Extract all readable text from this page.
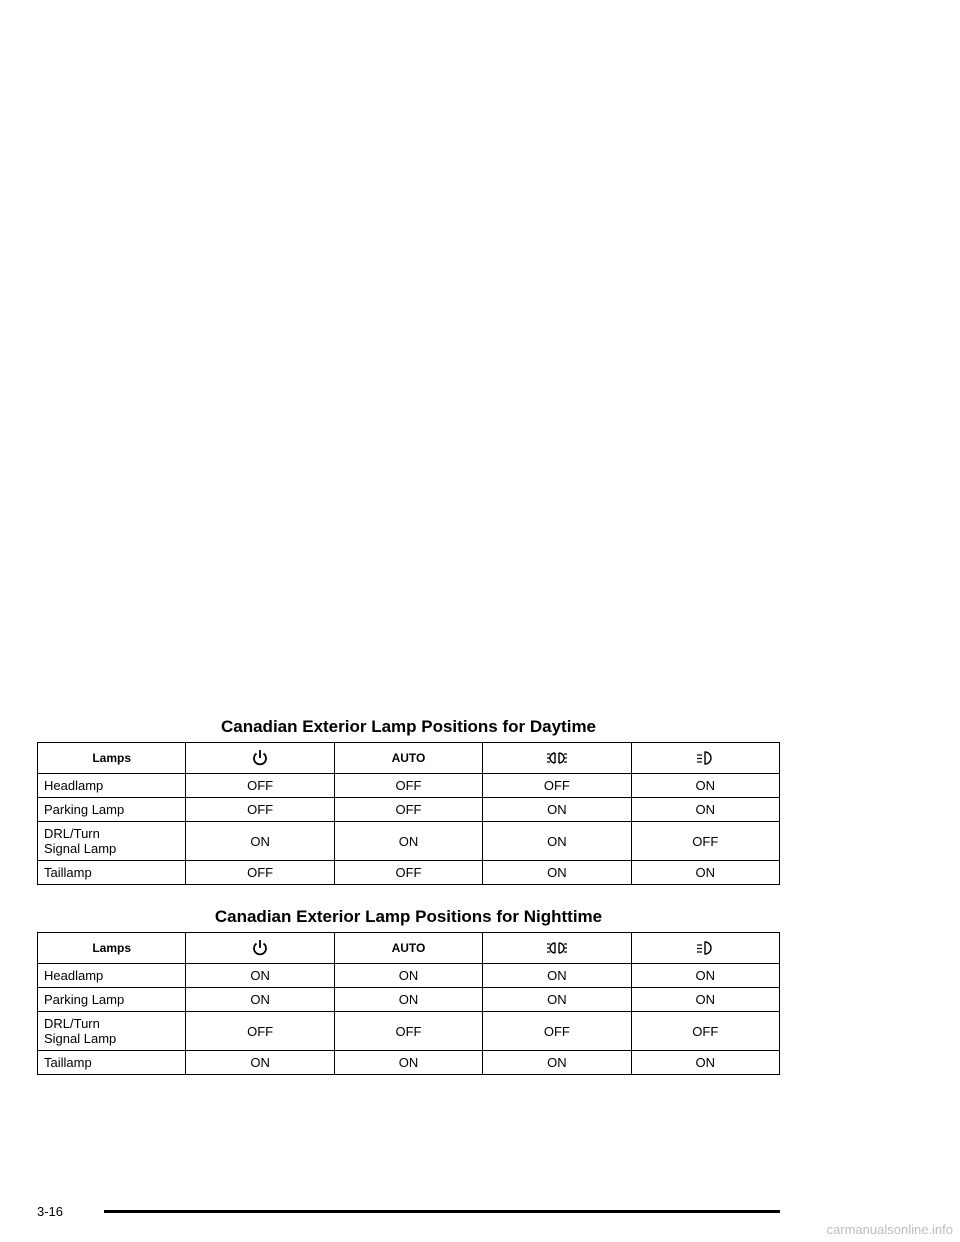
Canadian Exterior Lamp Positions for Daytime
Lamps		AUTO		
Headlamp	OFF	OFF	OFF	ON
Parking Lamp	OFF	OFF	ON	ON
DRL/Turn
Signal Lamp	ON	ON	ON	OFF
Taillamp	OFF	OFF	ON	ON
Canadian Exterior Lamp Positions for Nighttime
Lamps		AUTO		
Headlamp	ON	ON	ON	ON
Parking Lamp	ON	ON	ON	ON
DRL/Turn
Signal Lamp	OFF	OFF	OFF	OFF
Taillamp	ON	ON	ON	ON
3-16
carmanualsonline.info
